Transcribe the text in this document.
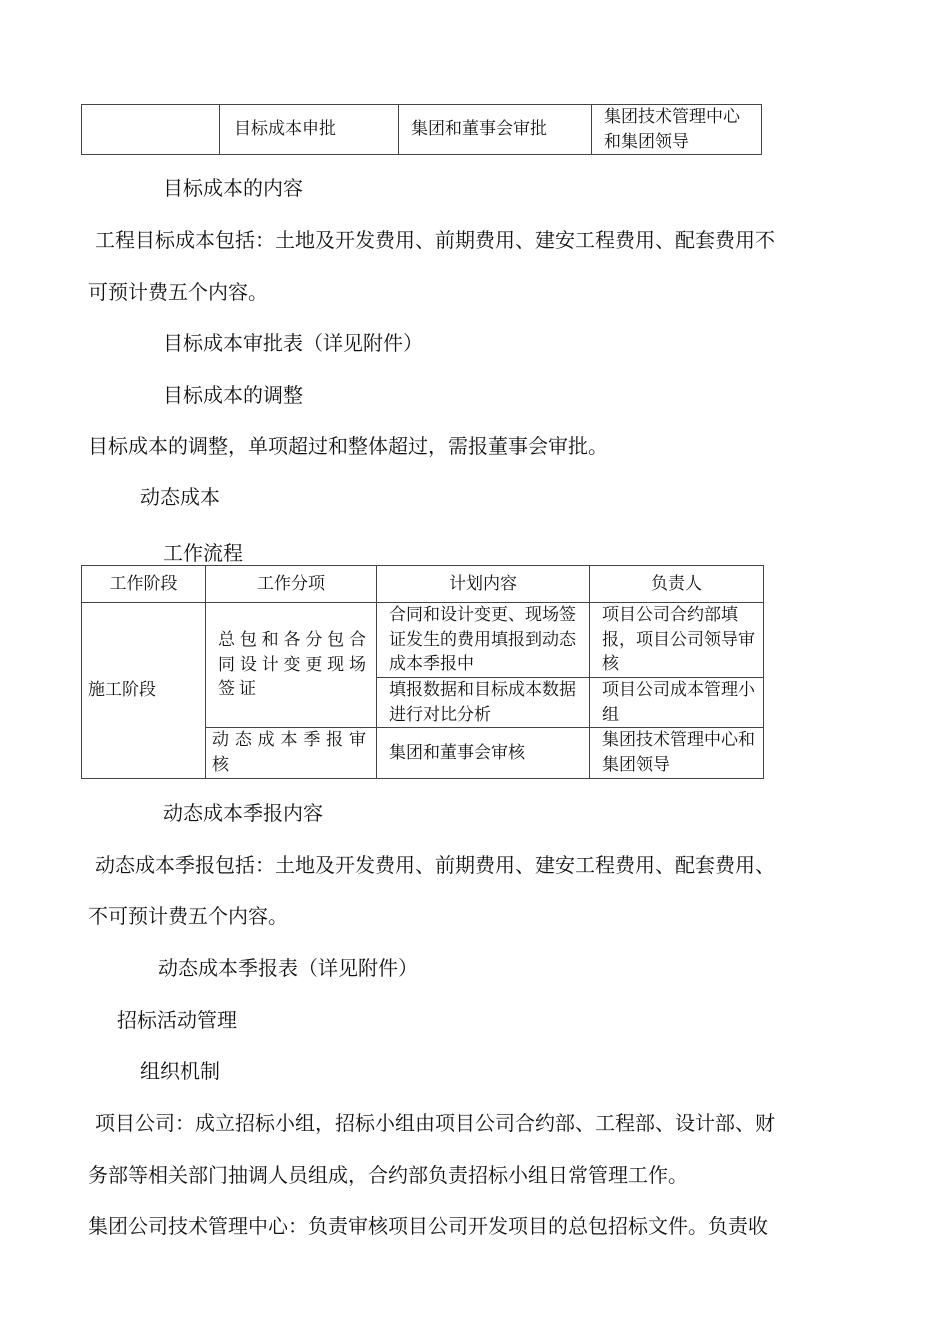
	目标成本申批	集团和董事会审批	集团技术管理中心和集团领导
目标成本的内容
工程目标成本包括：土地及开发费用、前期费用、建安工程费用、配套费用不
可预计费五个内容。
目标成本审批表（详见附件）
目标成本的调整
目标成本的调整，单项超过和整体超过，需报董事会审批。
动态成本
工作流程
工作阶段	工作分项	计划内容	负责人
施工阶段	总包和各分包合同设计变更现场签证	合同和设计变更、现场签证发生的费用填报到动态成本季报中	项目公司合约部填报，项目公司领导审核
		填报数据和目标成本数据进行对比分析	项目公司成本管理小组
	动态成本季报审核	集团和董事会审核	集团技术管理中心和集团领导
动态成本季报内容
动态成本季报包括：土地及开发费用、前期费用、建安工程费用、配套费用、
不可预计费五个内容。
动态成本季报表（详见附件）
招标活动管理
组织机制
项目公司：成立招标小组，招标小组由项目公司合约部、工程部、设计部、财
务部等相关部门抽调人员组成，合约部负责招标小组日常管理工作。
集团公司技术管理中心：负责审核项目公司开发项目的总包招标文件。负责收
